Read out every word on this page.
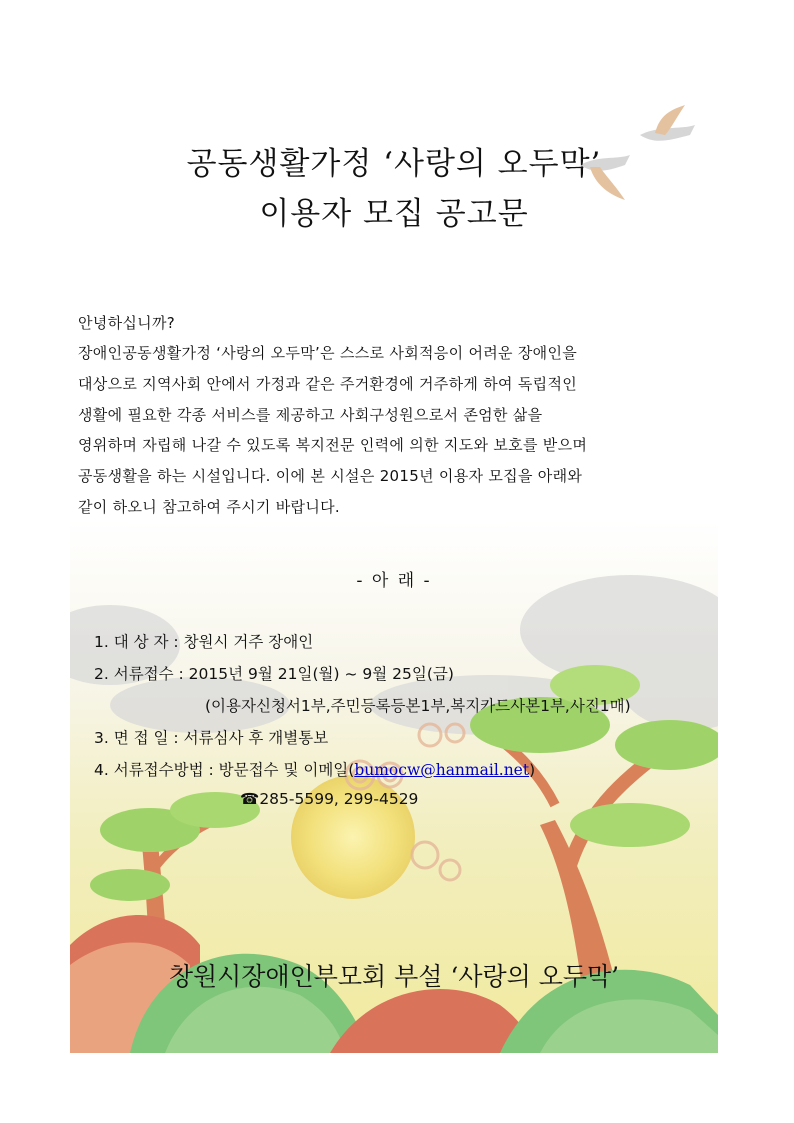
공동생활가정 ‘사랑의 오두막’
이용자 모집 공고문
안녕하십니까?
장애인공동생활가정 ‘사랑의 오두막’은 스스로 사회적응이 어려운 장애인을
대상으로 지역사회 안에서 가정과 같은 주거환경에 거주하게 하여 독립적인
생활에 필요한 각종 서비스를 제공하고 사회구성원으로서 존엄한 삶을
영위하며 자립해 나갈 수 있도록 복지전문 인력에 의한 지도와 보호를 받으며
공동생활을 하는 시설입니다. 이에 본 시설은 2015년 이용자 모집을 아래와
같이 하오니 참고하여 주시기 바랍니다.
- 아 래 -
1. 대 상 자 : 창원시 거주 장애인
2. 서류접수 : 2015년 9월 21일(월) ~ 9월 25일(금)
(이용자신청서1부,주민등록등본1부,복지카드사본1부,사진1매)
3. 면 접 일 : 서류심사 후 개별통보
4. 서류접수방법 : 방문접수 및 이메일(bumocw@hanmail.net)
☎285-5599, 299-4529
창원시장애인부모회 부설 ‘사랑의 오두막’
